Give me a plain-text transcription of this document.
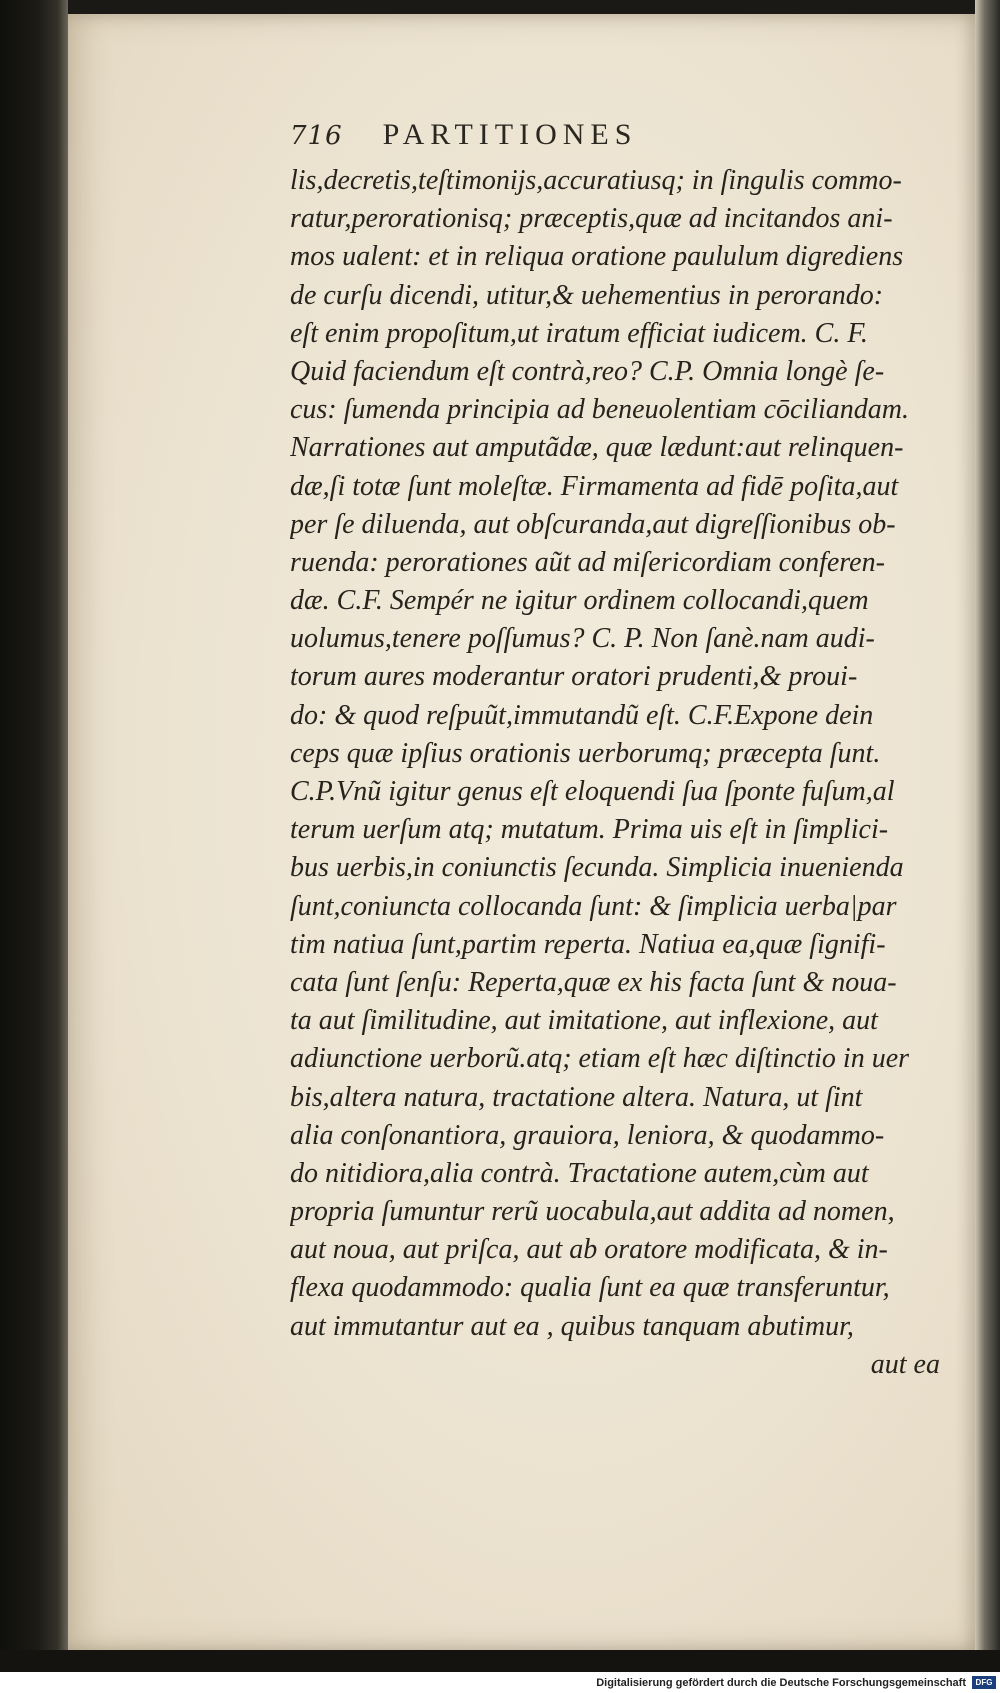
716 PARTITIONES
lis,decretis,teſtimonijs,accuratiusq; in ſingulis commo-
ratur,perorationisq; præceptis,quæ ad incitandos ani-
mos ualent: et in reliqua oratione paululum digrediens
de curſu dicendi, utitur,& uehementius in perorando:
eſt enim propoſitum,ut iratum efficiat iudicem. C. F.
Quid faciendum eſt contrà,reo? C.P. Omnia longè ſe-
cus: ſumenda principia ad beneuolentiam cōciliandam.
Narrationes aut amputãdæ, quæ lædunt:aut relinquen-
dæ,ſi totæ ſunt moleſtæ. Firmamenta ad fidē poſita,aut
per ſe diluenda, aut obſcuranda,aut digreſſionibus ob-
ruenda: perorationes aũt ad miſericordiam conferen-
dæ. C.F. Sempér ne igitur ordinem collocandi,quem
uolumus,tenere poſſumus? C. P. Non ſanè.nam audi-
torum aures moderantur oratori prudenti,& proui-
do: & quod reſpuũt,immutandũ eſt. C.F.Expone dein
ceps quæ ipſius orationis uerborumq; præcepta ſunt.
C.P.Vnũ igitur genus eſt eloquendi ſua ſponte fuſum,al
terum uerſum atq; mutatum. Prima uis eſt in ſimplici-
bus uerbis,in coniunctis ſecunda. Simplicia inuenienda
ſunt,coniuncta collocanda ſunt: & ſimplicia uerba|par
tim natiua ſunt,partim reperta. Natiua ea,quæ ſignifi-
cata ſunt ſenſu: Reperta,quæ ex his facta ſunt & noua-
ta aut ſimilitudine, aut imitatione, aut inflexione, aut
adiunctione uerborũ.atq; etiam eſt hæc diſtinctio in uer
bis,altera natura, tractatione altera. Natura, ut ſint
alia conſonantiora, grauiora, leniora, & quodammo-
do nitidiora,alia contrà. Tractatione autem,cùm aut
propria ſumuntur rerũ uocabula,aut addita ad nomen,
aut noua, aut priſca, aut ab oratore modificata, & in-
flexa quodammodo: qualia ſunt ea quæ transferuntur,
aut immutantur aut ea , quibus tanquam abutimur,
aut ea
Digitalisierung gefördert durch die Deutsche Forschungsgemeinschaft	DFG
